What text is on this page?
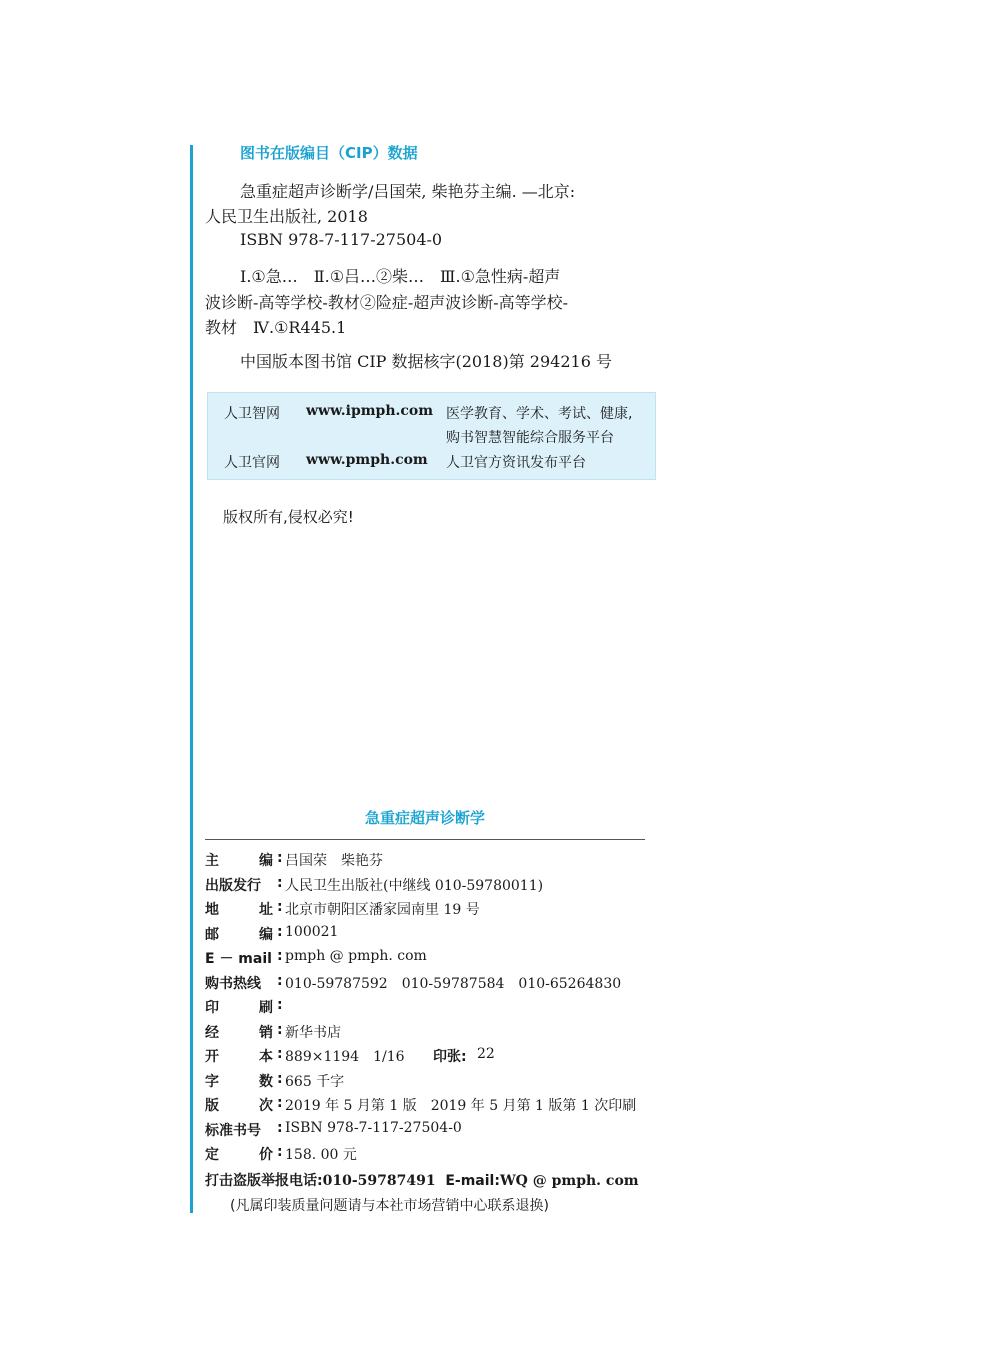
图书在版编目（CIP）数据
急重症超声诊断学/吕国荣, 柴艳芬主编. —北京:
人民卫生出版社, 2018
ISBN 978-7-117-27504-0
Ⅰ.①急…　Ⅱ.①吕…②柴…　Ⅲ.①急性病-超声
波诊断-高等学校-教材②险症-超声波诊断-高等学校-
教材　Ⅳ.①R445.1
中国版本图书馆 CIP 数据核字(2018)第 294216 号
人卫智网 www.ipmph.com 医学教育、学术、考试、健康,
购书智慧智能综合服务平台
人卫官网 www.pmph.com 人卫官方资讯发布平台
版权所有,侵权必究!
急重症超声诊断学
主	编 : 吕国荣　柴艳芬
出版发行 : 人民卫生出版社(中继线 010-59780011)
地	址 : 北京市朝阳区潘家园南里 19 号
邮	编 : 100021
E － mail : pmph @ pmph. com
购书热线 : 010-59787592　010-59787584　010-65264830
印	刷 :
经	销 : 新华书店
开	本 : 889×1194　1/16 印张: 22
字	数 : 665 千字
版	次 : 2019 年 5 月第 1 版　2019 年 5 月第 1 版第 1 次印刷
标准书号 : ISBN 978-7-117-27504-0
定	价 : 158. 00 元
打击盗版举报电话:010-59787491 E-mail:WQ @ pmph. com
(凡属印装质量问题请与本社市场营销中心联系退换)
